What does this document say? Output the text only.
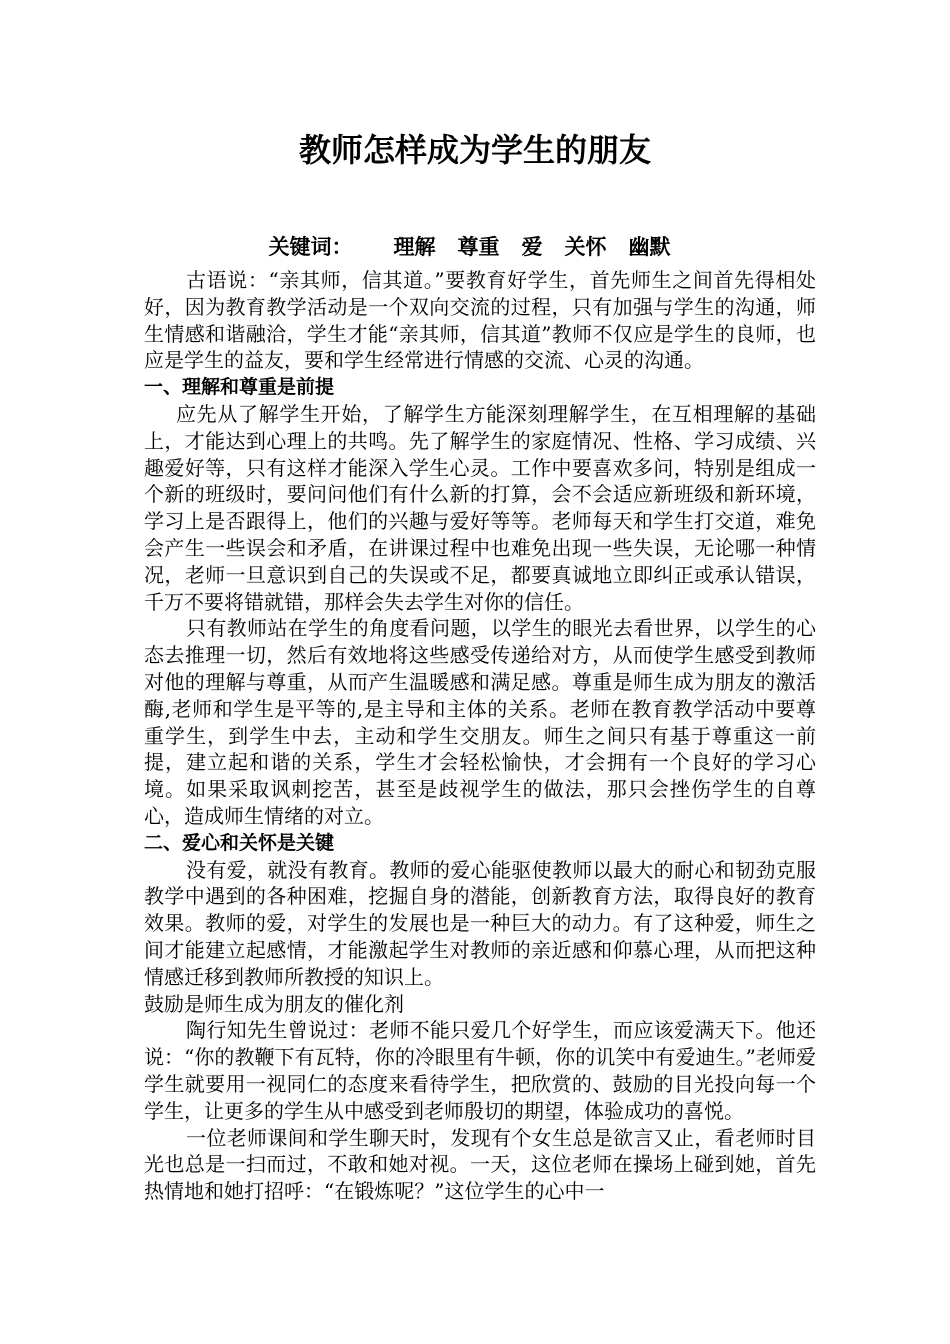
教师怎样成为学生的朋友
关键词： 理解 尊重 爱 关怀 幽默

古语说：“亲其师，信其道。”要教育好学生，首先师生之间首先得相处好，因为教育教学活动是一个双向交流的过程，只有加强与学生的沟通，师生情感和谐融洽，学生才能“亲其师，信其道”教师不仅应是学生的良师，也应是学生的益友，要和学生经常进行情感的交流、心灵的沟通。

一、理解和尊重是前提

应先从了解学生开始，了解学生方能深刻理解学生，在互相理解的基础上，才能达到心理上的共鸣。先了解学生的家庭情况、性格、学习成绩、兴趣爱好等，只有这样才能深入学生心灵。工作中要喜欢多问，特别是组成一个新的班级时，要问问他们有什么新的打算，会不会适应新班级和新环境，学习上是否跟得上，他们的兴趣与爱好等等。老师每天和学生打交道，难免会产生一些误会和矛盾，在讲课过程中也难免出现一些失误，无论哪一种情况，老师一旦意识到自己的失误或不足，都要真诚地立即纠正或承认错误，千万不要将错就错，那样会失去学生对你的信任。

只有教师站在学生的角度看问题，以学生的眼光去看世界，以学生的心态去推理一切，然后有效地将这些感受传递给对方，从而使学生感受到教师对他的理解与尊重，从而产生温暖感和满足感。尊重是师生成为朋友的激活酶,老师和学生是平等的,是主导和主体的关系。老师在教育教学活动中要尊重学生，到学生中去，主动和学生交朋友。师生之间只有基于尊重这一前提，建立起和谐的关系，学生才会轻松愉快，才会拥有一个良好的学习心境。如果采取讽刺挖苦，甚至是歧视学生的做法，那只会挫伤学生的自尊心，造成师生情绪的对立。

二、爱心和关怀是关键

没有爱，就没有教育。教师的爱心能驱使教师以最大的耐心和韧劲克服教学中遇到的各种困难，挖掘自身的潜能，创新教育方法，取得良好的教育效果。教师的爱，对学生的发展也是一种巨大的动力。有了这种爱，师生之间才能建立起感情，才能激起学生对教师的亲近感和仰慕心理，从而把这种情感迁移到教师所教授的知识上。

鼓励是师生成为朋友的催化剂

陶行知先生曾说过：老师不能只爱几个好学生，而应该爱满天下。他还说：“你的教鞭下有瓦特，你的冷眼里有牛顿，你的讥笑中有爱迪生。”老师爱学生就要用一视同仁的态度来看待学生，把欣赏的、鼓励的目光投向每一个学生，让更多的学生从中感受到老师殷切的期望，体验成功的喜悦。

一位老师课间和学生聊天时，发现有个女生总是欲言又止，看老师时目光也总是一扫而过，不敢和她对视。一天，这位老师在操场上碰到她，首先热情地和她打招呼：“在锻炼呢？”这位学生的心中一
